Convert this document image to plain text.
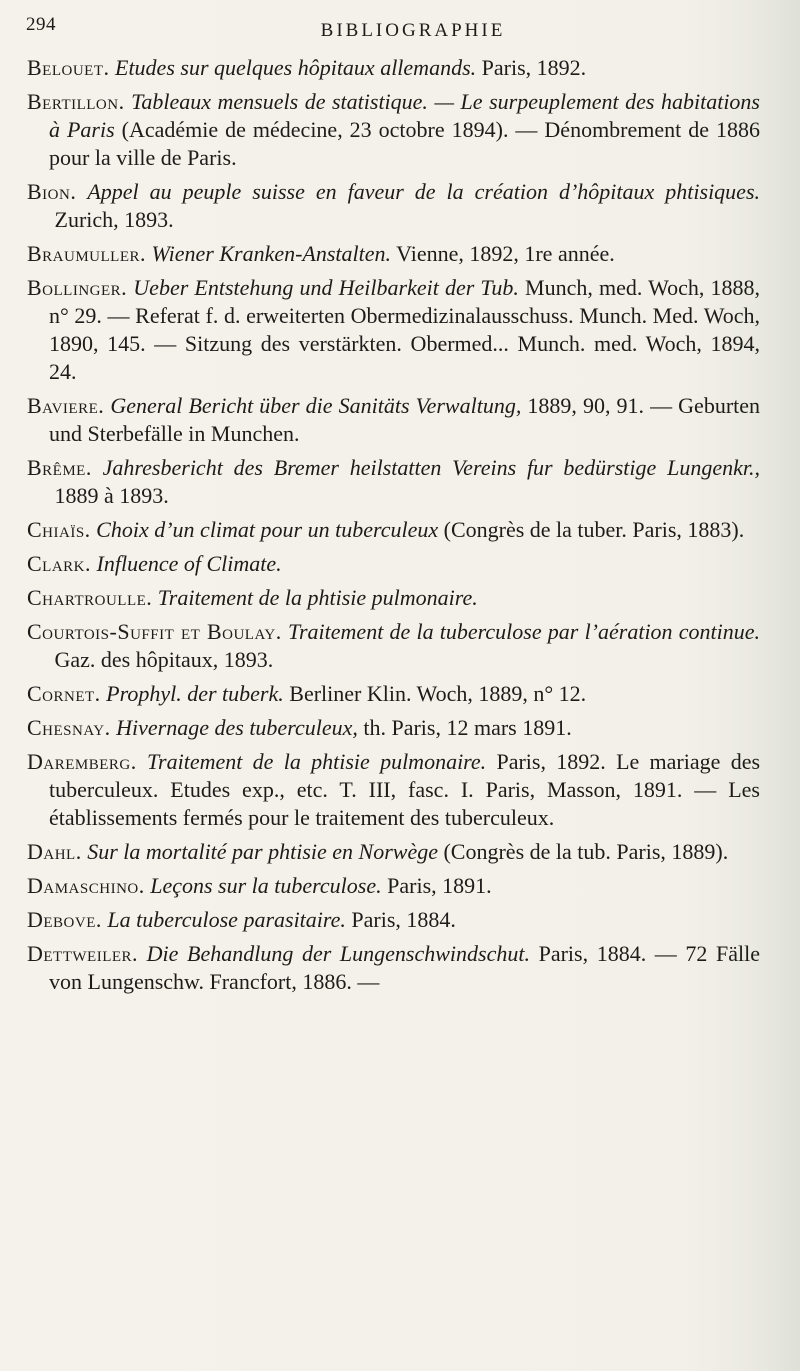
294	BIBLIOGRAPHIE

Belouet. Etudes sur quelques hôpitaux allemands. Paris, 1892.

Bertillon. Tableaux mensuels de statistique. — Le surpeuplement des habitations à Paris (Académie de médecine, 23 octobre 1894). — Dénombrement de 1886 pour la ville de Paris.

Bion. Appel au peuple suisse en faveur de la création d’hôpitaux phtisiques. Zurich, 1893.

Braumuller. Wiener Kranken-Anstalten. Vienne, 1892, 1re année.

Bollinger. Ueber Entstehung und Heilbarkeit der Tub. Munch, med. Woch, 1888, n° 29. — Referat f. d. erweiterten Obermedizinalausschuss. Munch. Med. Woch, 1890, 145. — Sitzung des verstärkten. Obermed... Munch. med. Woch, 1894, 24.

Baviere. General Bericht über die Sanitäts Verwaltung, 1889, 90, 91. — Geburten und Sterbefälle in Munchen.

Brême. Jahresbericht des Bremer heilstatten Vereins fur bedürstige Lungenkr., 1889 à 1893.

Chiaïs. Choix d’un climat pour un tuberculeux (Congrès de la tuber. Paris, 1883).

Clark. Influence of Climate.

Chartroulle. Traitement de la phtisie pulmonaire.

Courtois-Suffit et Boulay. Traitement de la tuberculose par l’aération continue. Gaz. des hôpitaux, 1893.

Cornet. Prophyl. der tuberk. Berliner Klin. Woch, 1889, n° 12.

Chesnay. Hivernage des tuberculeux, th. Paris, 12 mars 1891.

Daremberg. Traitement de la phtisie pulmonaire. Paris, 1892. Le mariage des tuberculeux. Etudes exp., etc. T. III, fasc. I. Paris, Masson, 1891. — Les établissements fermés pour le traitement des tuberculeux.

Dahl. Sur la mortalité par phtisie en Norwège (Congrès de la tub. Paris, 1889).

Damaschino. Leçons sur la tuberculose. Paris, 1891.

Debove. La tuberculose parasitaire. Paris, 1884.

Dettweiler. Die Behandlung der Lungenschwindschut. Paris, 1884. — 72 Fälle von Lungenschw. Francfort, 1886. —
